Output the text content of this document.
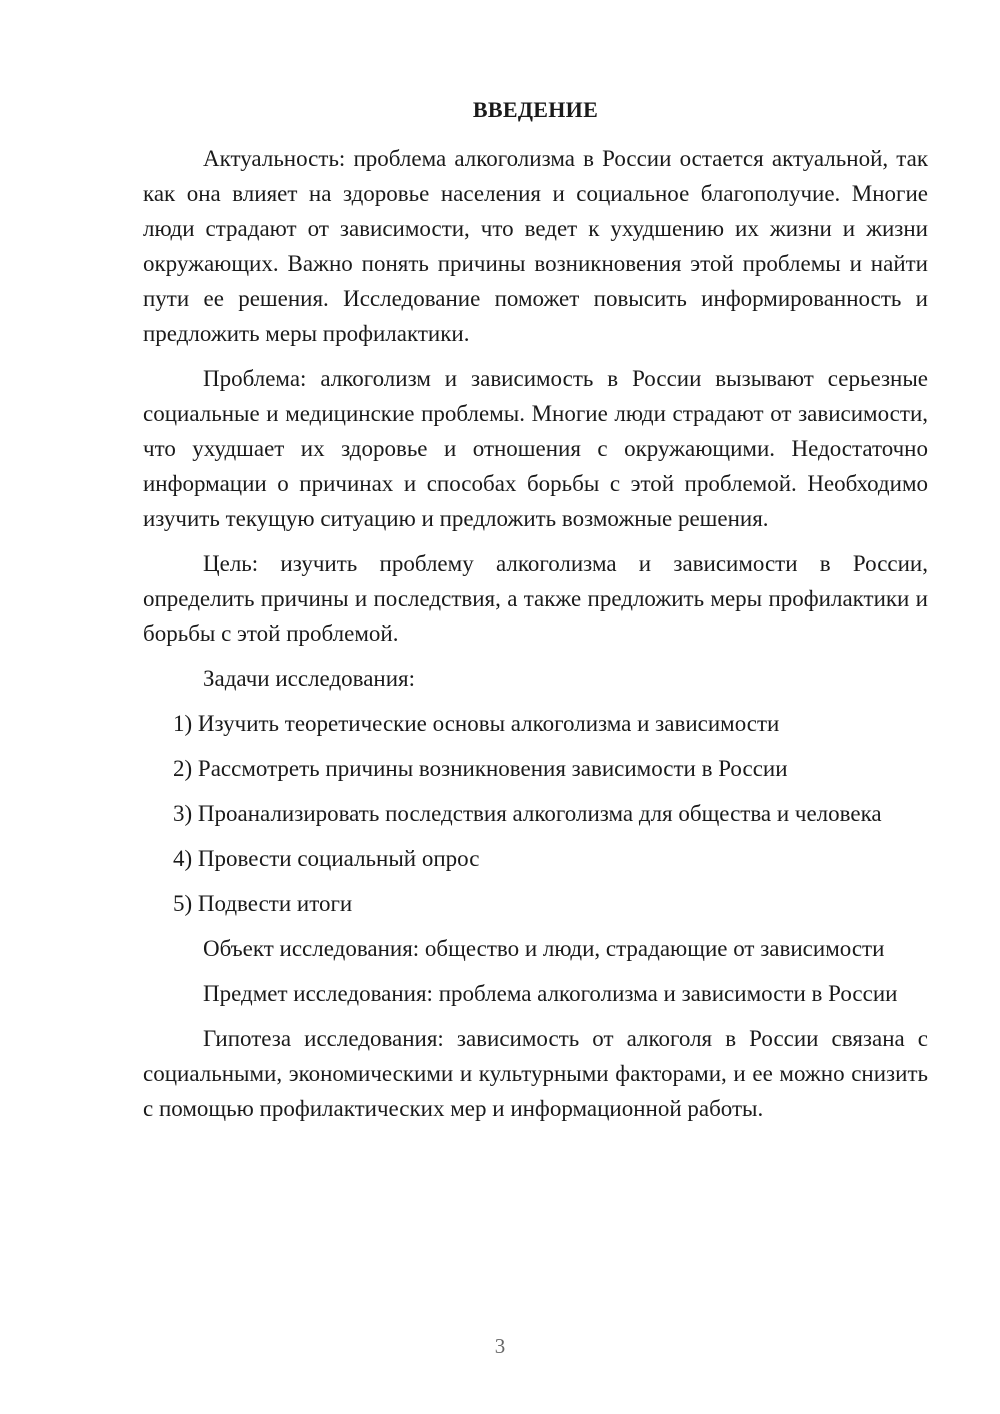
ВВЕДЕНИЕ

Актуальность: проблема алкоголизма в России остается актуальной, так как она влияет на здоровье населения и социальное благополучие. Многие люди страдают от зависимости, что ведет к ухудшению их жизни и жизни окружающих. Важно понять причины возникновения этой проблемы и найти пути ее решения. Исследование поможет повысить информированность и предложить меры профилактики.

Проблема: алкоголизм и зависимость в России вызывают серьезные социальные и медицинские проблемы. Многие люди страдают от зависимости, что ухудшает их здоровье и отношения с окружающими. Недостаточно информации о причинах и способах борьбы с этой проблемой. Необходимо изучить текущую ситуацию и предложить возможные решения.

Цель: изучить проблему алкоголизма и зависимости в России, определить причины и последствия, а также предложить меры профилактики и борьбы с этой проблемой.

Задачи исследования:

1) Изучить теоретические основы алкоголизма и зависимости

2) Рассмотреть причины возникновения зависимости в России

3) Проанализировать последствия алкоголизма для общества и человека

4) Провести социальный опрос

5) Подвести итоги

Объект исследования: общество и люди, страдающие от зависимости

Предмет исследования: проблема алкоголизма и зависимости в России

Гипотеза исследования: зависимость от алкоголя в России связана с социальными, экономическими и культурными факторами, и ее можно снизить с помощью профилактических мер и информационной работы.

3
